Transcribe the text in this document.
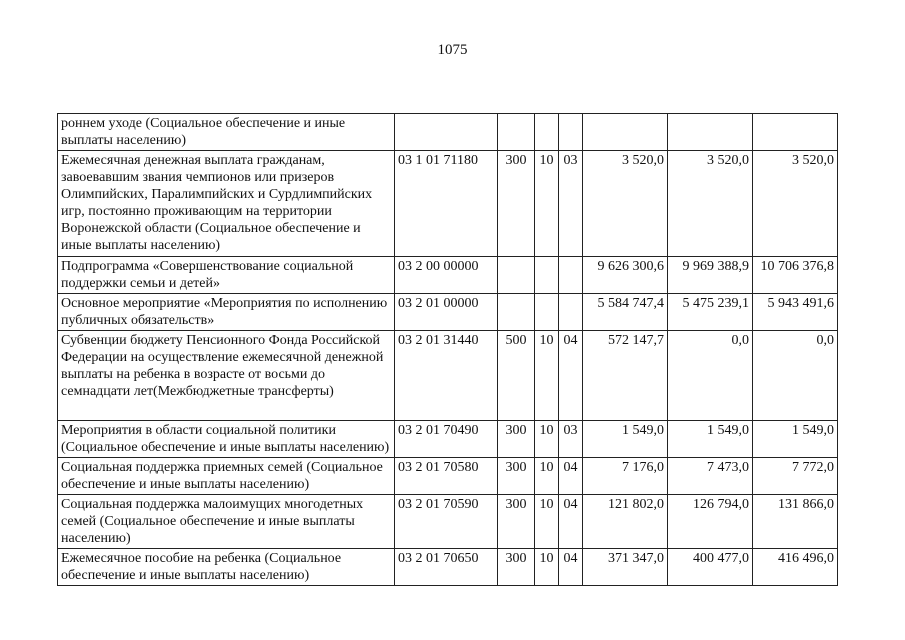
1075
роннем уходе (Социальное обеспечение и иные выплаты населению)							
Ежемесячная денежная выплата гражданам, завоевавшим звания чемпионов или призеров Олимпийских, Паралимпийских и Сурдлимпийских игр, постоянно проживающим на территории Воронежской области (Социальное обеспечение и иные выплаты населению)	03 1 01 71180	300	10	03	3 520,0	3 520,0	3 520,0
Подпрограмма «Совершенствование социальной поддержки семьи и детей»	03 2 00 00000				9 626 300,6	9 969 388,9	10 706 376,8
Основное мероприятие «Мероприятия по исполнению публичных обязательств»	03 2 01 00000				5 584 747,4	5 475 239,1	5 943 491,6
Субвенции бюджету Пенсионного Фонда Российской Федерации на осуществление ежемесячной денежной выплаты на ребенка в возрасте от восьми до семнадцати лет(Межбюджетные трансферты)	03 2 01 31440	500	10	04	572 147,7	0,0	0,0
Мероприятия в области социальной политики (Социальное обеспечение и иные выплаты населению)	03 2 01 70490	300	10	03	1 549,0	1 549,0	1 549,0
Социальная поддержка приемных семей (Социальное обеспечение и иные выплаты населению)	03 2 01 70580	300	10	04	7 176,0	7 473,0	7 772,0
Социальная поддержка малоимущих многодетных семей (Социальное обеспечение и иные выплаты населению)	03 2 01 70590	300	10	04	121 802,0	126 794,0	131 866,0
Ежемесячное пособие на ребенка (Социальное обеспечение и иные выплаты населению)	03 2 01 70650	300	10	04	371 347,0	400 477,0	416 496,0
